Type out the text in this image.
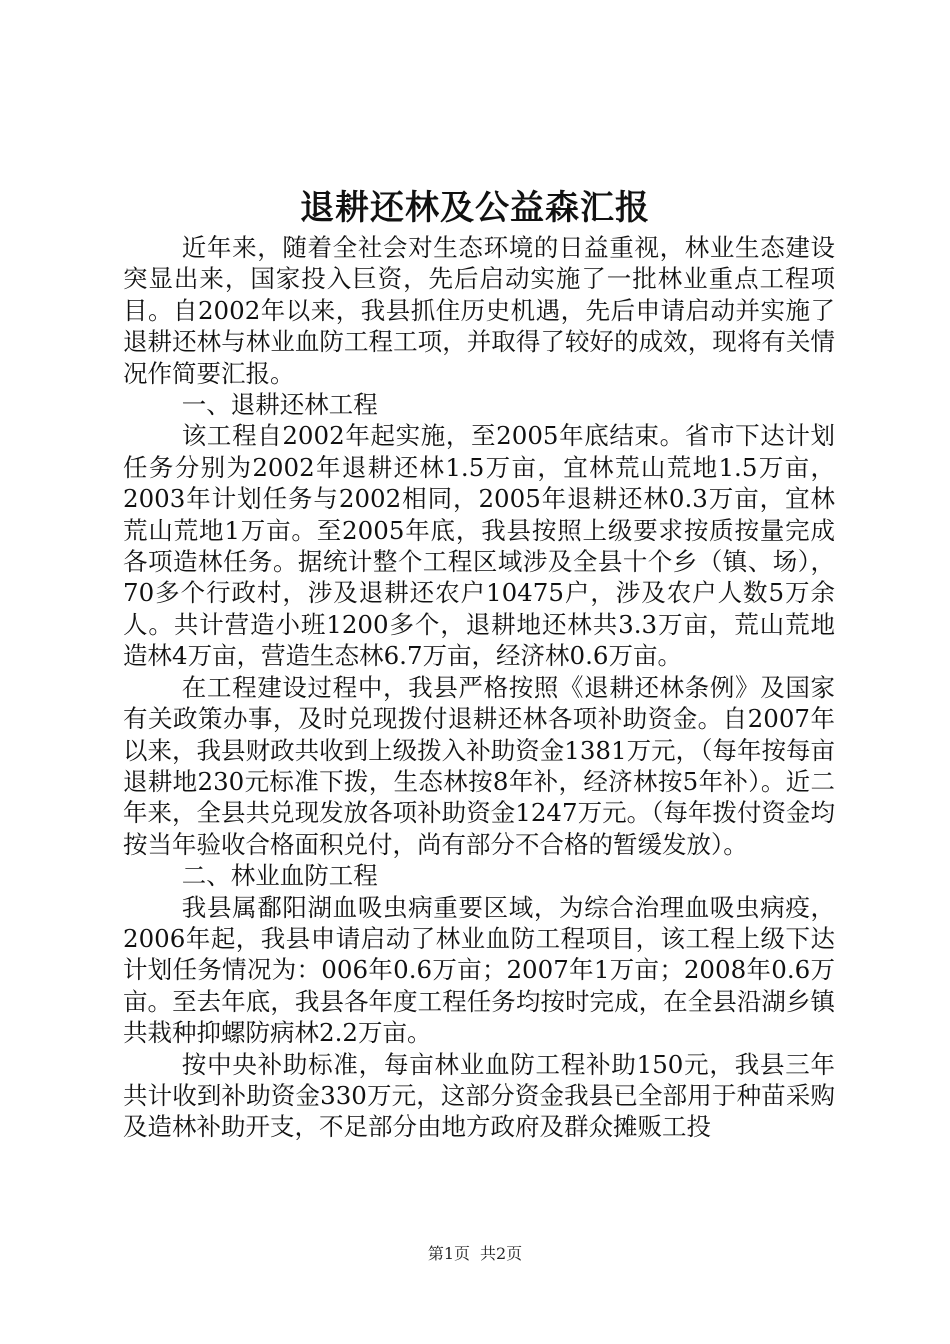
退耕还林及公益森汇报

近年来，随着全社会对生态环境的日益重视，林业生态建设突显出来，国家投入巨资，先后启动实施了一批林业重点工程项目。自2002年以来，我县抓住历史机遇，先后申请启动并实施了退耕还林与林业血防工程工项，并取得了较好的成效，现将有关情况作简要汇报。

一、退耕还林工程

该工程自2002年起实施，至2005年底结束。省市下达计划任务分别为2002年退耕还林1.5万亩，宜林荒山荒地1.5万亩，2003年计划任务与2002相同，2005年退耕还林0.3万亩，宜林荒山荒地1万亩。至2005年底，我县按照上级要求按质按量完成各项造林任务。据统计整个工程区域涉及全县十个乡（镇、场），70多个行政村，涉及退耕还农户10475户，涉及农户人数5万余人。共计营造小班1200多个，退耕地还林共3.3万亩，荒山荒地造林4万亩，营造生态林6.7万亩，经济林0.6万亩。

在工程建设过程中，我县严格按照《退耕还林条例》及国家有关政策办事，及时兑现拨付退耕还林各项补助资金。自2007年以来，我县财政共收到上级拨入补助资金1381万元，（每年按每亩退耕地230元标准下拨，生态林按8年补，经济林按5年补）。近二年来，全县共兑现发放各项补助资金1247万元。（每年拨付资金均按当年验收合格面积兑付，尚有部分不合格的暂缓发放）。

二、林业血防工程

我县属鄱阳湖血吸虫病重要区域，为综合治理血吸虫病疫，2006年起，我县申请启动了林业血防工程项目，该工程上级下达计划任务情况为：006年0.6万亩；2007年1万亩；2008年0.6万亩。至去年底，我县各年度工程任务均按时完成，在全县沿湖乡镇共栽种抑螺防病林2.2万亩。

按中央补助标准，每亩林业血防工程补助150元，我县三年共计收到补助资金330万元，这部分资金我县已全部用于种苗采购及造林补助开支，不足部分由地方政府及群众摊贩工投

第1页 共2页
